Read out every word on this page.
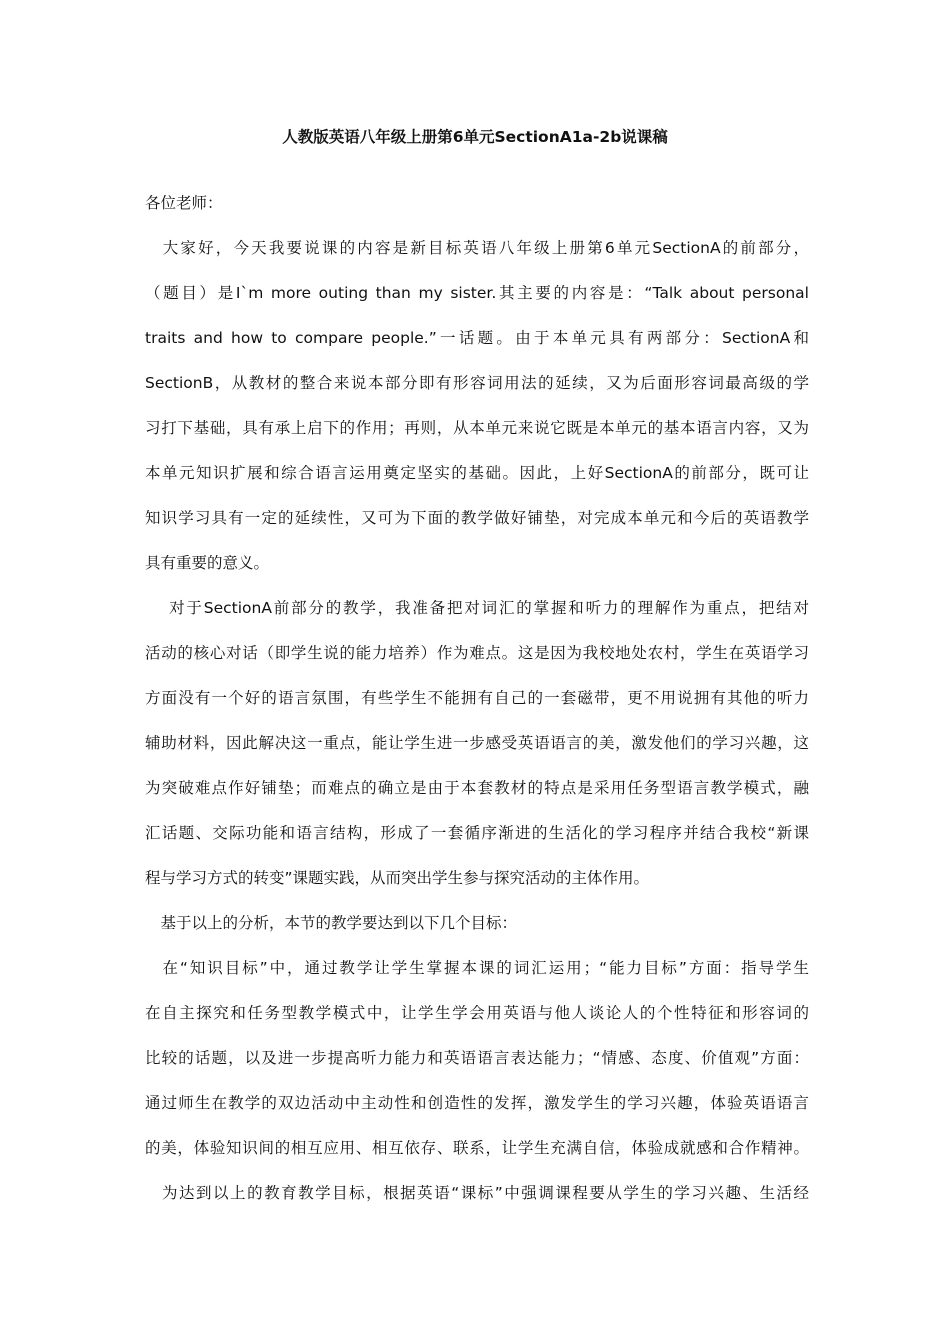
人教版英语八年级上册第6单元SectionA1a-2b说课稿
各位老师：
　大家好，今天我要说课的内容是新目标英语八年级上册第6单元SectionA的前部分，
（题目）是I`m more outing than my sister.其主要的内容是：“Talk about personal
traits and how to compare people.”一话题。由于本单元具有两部分：SectionA和
SectionB，从教材的整合来说本部分即有形容词用法的延续，又为后面形容词最高级的学
习打下基础，具有承上启下的作用；再则，从本单元来说它既是本单元的基本语言内容，又为
本单元知识扩展和综合语言运用奠定坚实的基础。因此，上好SectionA的前部分，既可让
知识学习具有一定的延续性，又可为下面的教学做好铺垫，对完成本单元和今后的英语教学
具有重要的意义。
　 对于SectionA前部分的教学，我准备把对词汇的掌握和听力的理解作为重点，把结对
活动的核心对话（即学生说的能力培养）作为难点。这是因为我校地处农村，学生在英语学习
方面没有一个好的语言氛围，有些学生不能拥有自己的一套磁带，更不用说拥有其他的听力
辅助材料，因此解决这一重点，能让学生进一步感受英语语言的美，激发他们的学习兴趣，这
为突破难点作好铺垫；而难点的确立是由于本套教材的特点是采用任务型语言教学模式，融
汇话题、交际功能和语言结构，形成了一套循序渐进的生活化的学习程序并结合我校“新课
程与学习方式的转变”课题实践，从而突出学生参与探究活动的主体作用。
　基于以上的分析，本节的教学要达到以下几个目标：
　在“知识目标”中，通过教学让学生掌握本课的词汇运用；“能力目标”方面：指导学生
在自主探究和任务型教学模式中，让学生学会用英语与他人谈论人的个性特征和形容词的
比较的话题，以及进一步提高听力能力和英语语言表达能力；“情感、态度、价值观”方面：
通过师生在教学的双边活动中主动性和创造性的发挥，激发学生的学习兴趣，体验英语语言
的美，体验知识间的相互应用、相互依存、联系，让学生充满自信，体验成就感和合作精神。
　为达到以上的教育教学目标，根据英语“课标”中强调课程要从学生的学习兴趣、生活经
